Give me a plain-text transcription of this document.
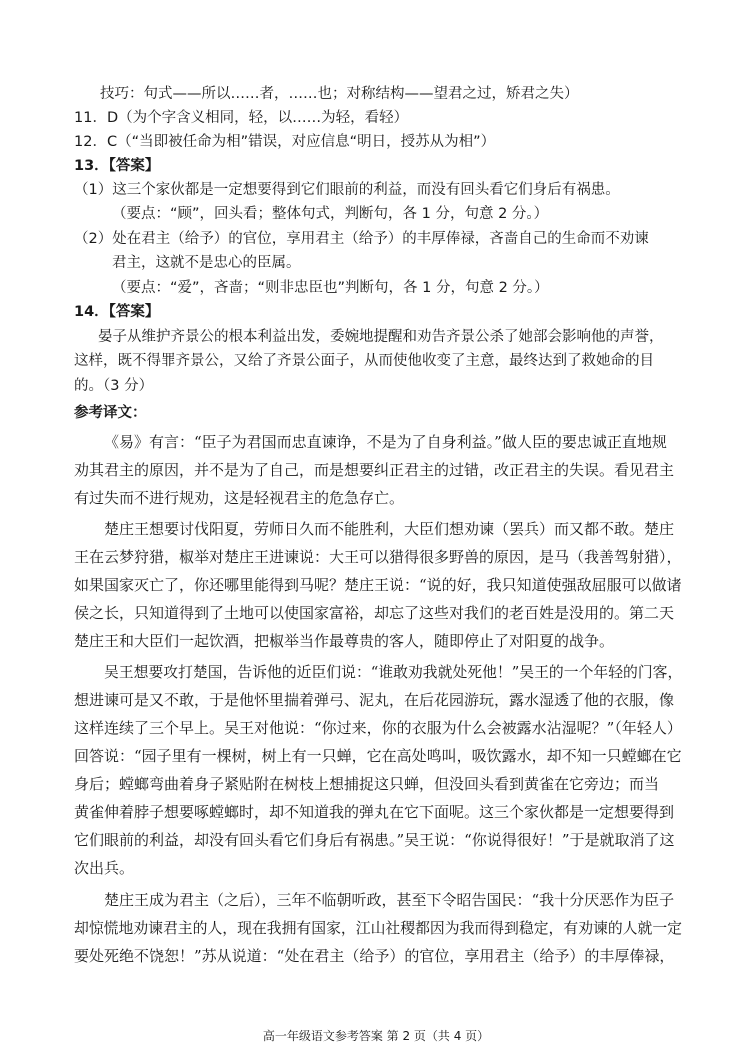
技巧：句式——所以……者，……也；对称结构——望君之过，矫君之失）
11．D（为个字含义相同，轻，以……为轻，看轻）
12．C（“当即被任命为相”错误，对应信息“明日，授苏从为相”）
13．【答案】
（1）这三个家伙都是一定想要得到它们眼前的利益，而没有回头看它们身后有祸患。
（要点：“顾”，回头看；整体句式，判断句，各 1 分，句意 2 分。）
（2）处在君主（给予）的官位，享用君主（给予）的丰厚俸禄，吝啬自己的生命而不劝谏
君主，这就不是忠心的臣属。
（要点：“爱”，吝啬；“则非忠臣也”判断句，各 1 分，句意 2 分。）
14．【答案】
晏子从维护齐景公的根本利益出发，委婉地提醒和劝告齐景公杀了她部会影响他的声誉，
这样，既不得罪齐景公，又给了齐景公面子，从而使他收变了主意，最终达到了救她命的目
的。（3 分）
参考译文：
《易》有言：“臣子为君国而忠直谏诤，不是为了自身利益。”做人臣的要忠诚正直地规
劝其君主的原因，并不是为了自己，而是想要纠正君主的过错，改正君主的失误。看见君主
有过失而不进行规劝，这是轻视君主的危急存亡。
楚庄王想要讨伐阳夏，劳师日久而不能胜利，大臣们想劝谏（罢兵）而又都不敢。楚庄
王在云梦狩猎，椒举对楚庄王进谏说：大王可以猎得很多野兽的原因，是马（我善驾射猎），
如果国家灭亡了，你还哪里能得到马呢？楚庄王说：“说的好，我只知道使强敌屈服可以做诸
侯之长，只知道得到了土地可以使国家富裕，却忘了这些对我们的老百姓是没用的。第二天
楚庄王和大臣们一起饮酒，把椒举当作最尊贵的客人，随即停止了对阳夏的战争。
吴王想要攻打楚国，告诉他的近臣们说：“谁敢劝我就处死他！”吴王的一个年轻的门客，
想进谏可是又不敢，于是他怀里揣着弹弓、泥丸，在后花园游玩，露水湿透了他的衣服，像
这样连续了三个早上。吴王对他说：“你过来，你的衣服为什么会被露水沾湿呢？”（年轻人）
回答说：“园子里有一棵树，树上有一只蝉，它在高处鸣叫，吸饮露水，却不知一只螳螂在它
身后；螳螂弯曲着身子紧贴附在树枝上想捕捉这只蝉，但没回头看到黄雀在它旁边；而当
黄雀伸着脖子想要啄螳螂时，却不知道我的弹丸在它下面呢。这三个家伙都是一定想要得到
它们眼前的利益，却没有回头看它们身后有祸患。”吴王说：“你说得很好！”于是就取消了这
次出兵。
楚庄王成为君主（之后），三年不临朝听政，甚至下令昭告国民：“我十分厌恶作为臣子
却惊慌地劝谏君主的人，现在我拥有国家，江山社稷都因为我而得到稳定，有劝谏的人就一定
要处死绝不饶恕！”苏从说道：“处在君主（给予）的官位，享用君主（给予）的丰厚俸禄，
高一年级语文参考答案 第 2 页（共 4 页）
